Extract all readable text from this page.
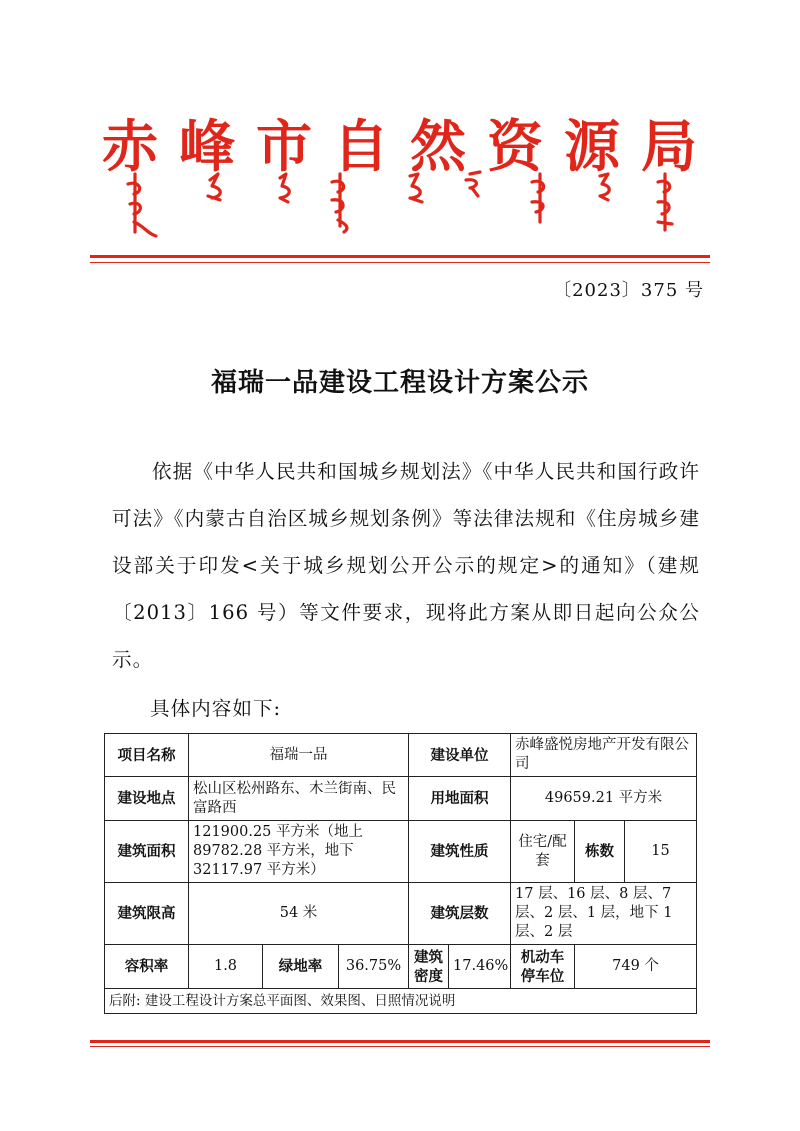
赤峰市自然资源局
〔2023〕375 号
福瑞一品建设工程设计方案公示
依据《中华人民共和国城乡规划法》《中华人民共和国行政许可法》《内蒙古自治区城乡规划条例》等法律法规和《住房城乡建设部关于印发<关于城乡规划公开公示的规定>的通知》（建规〔2013〕166 号）等文件要求，现将此方案从即日起向公众公示。
具体内容如下:
项目名称	福瑞一品			建设单位		赤峰盛悦房地产开发有限公司		
建设地点	松山区松州路东、木兰街南、民富路西			用地面积		49659.21 平方米		
建筑面积	121900.25 平方米（地上 89782.28 平方米，地下 32117.97 平方米）			建筑性质		住宅/配套	栋数	15
建筑限高	54 米			建筑层数		17 层、16 层、8 层、7 层、2 层、1 层，地下 1 层、2 层		
容积率	1.8	绿地率	36.75%	建筑密度	17.46%	机动车停车位	749 个	
后附: 建设工程设计方案总平面图、效果图、日照情况说明								
